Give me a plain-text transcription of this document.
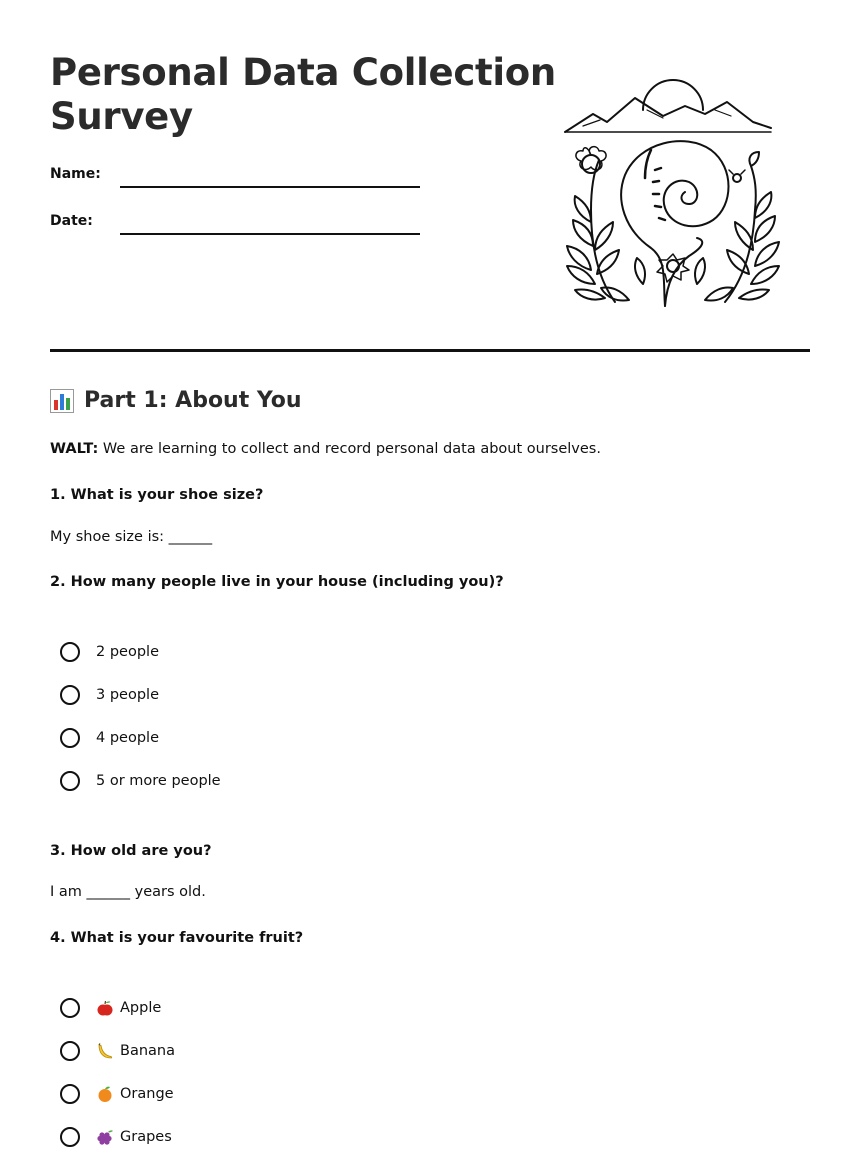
Personal Data Collection Survey
Name:
Date:
Part 1: About You
WALT: We are learning to collect and record personal data about ourselves.
1. What is your shoe size?
My shoe size is: ______
2. How many people live in your house (including you)?
2 people
3 people
4 people
5 or more people
3. How old are you?
I am ______ years old.
4. What is your favourite fruit?
Apple
Banana
Orange
Grapes
